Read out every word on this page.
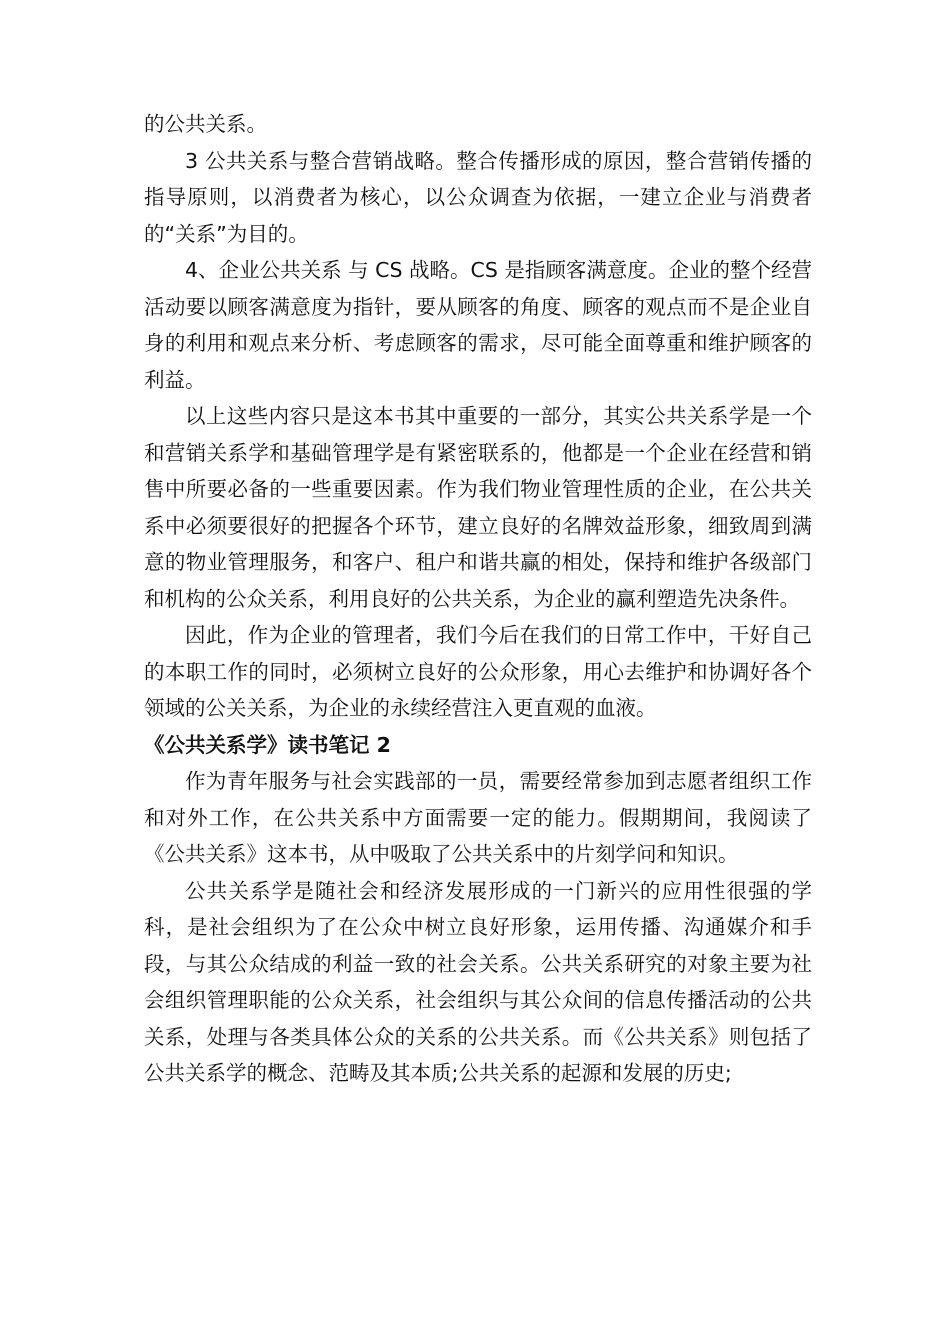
的公共关系。

3 公共关系与整合营销战略。整合传播形成的原因，整合营销传播的指导原则，以消费者为核心，以公众调查为依据，一建立企业与消费者的“关系”为目的。

4、企业公共关系 与 CS 战略。CS 是指顾客满意度。企业的整个经营活动要以顾客满意度为指针，要从顾客的角度、顾客的观点而不是企业自身的利用和观点来分析、考虑顾客的需求，尽可能全面尊重和维护顾客的利益。

以上这些内容只是这本书其中重要的一部分，其实公共关系学是一个和营销关系学和基础管理学是有紧密联系的，他都是一个企业在经营和销售中所要必备的一些重要因素。作为我们物业管理性质的企业，在公共关系中必须要很好的把握各个环节，建立良好的名牌效益形象，细致周到满意的物业管理服务，和客户、租户和谐共赢的相处，保持和维护各级部门和机构的公众关系，利用良好的公共关系，为企业的赢利塑造先决条件。

因此，作为企业的管理者，我们今后在我们的日常工作中，干好自己的本职工作的同时，必须树立良好的公众形象，用心去维护和协调好各个领域的公关关系，为企业的永续经营注入更直观的血液。

《公共关系学》读书笔记 2

作为青年服务与社会实践部的一员，需要经常参加到志愿者组织工作和对外工作，在公共关系中方面需要一定的能力。假期期间，我阅读了《公共关系》这本书，从中吸取了公共关系中的片刻学问和知识。

公共关系学是随社会和经济发展形成的一门新兴的应用性很强的学科，是社会组织为了在公众中树立良好形象，运用传播、沟通媒介和手段，与其公众结成的利益一致的社会关系。公共关系研究的对象主要为社会组织管理职能的公众关系，社会组织与其公众间的信息传播活动的公共关系，处理与各类具体公众的关系的公共关系。而《公共关系》则包括了公共关系学的概念、范畴及其本质;公共关系的起源和发展的历史;
